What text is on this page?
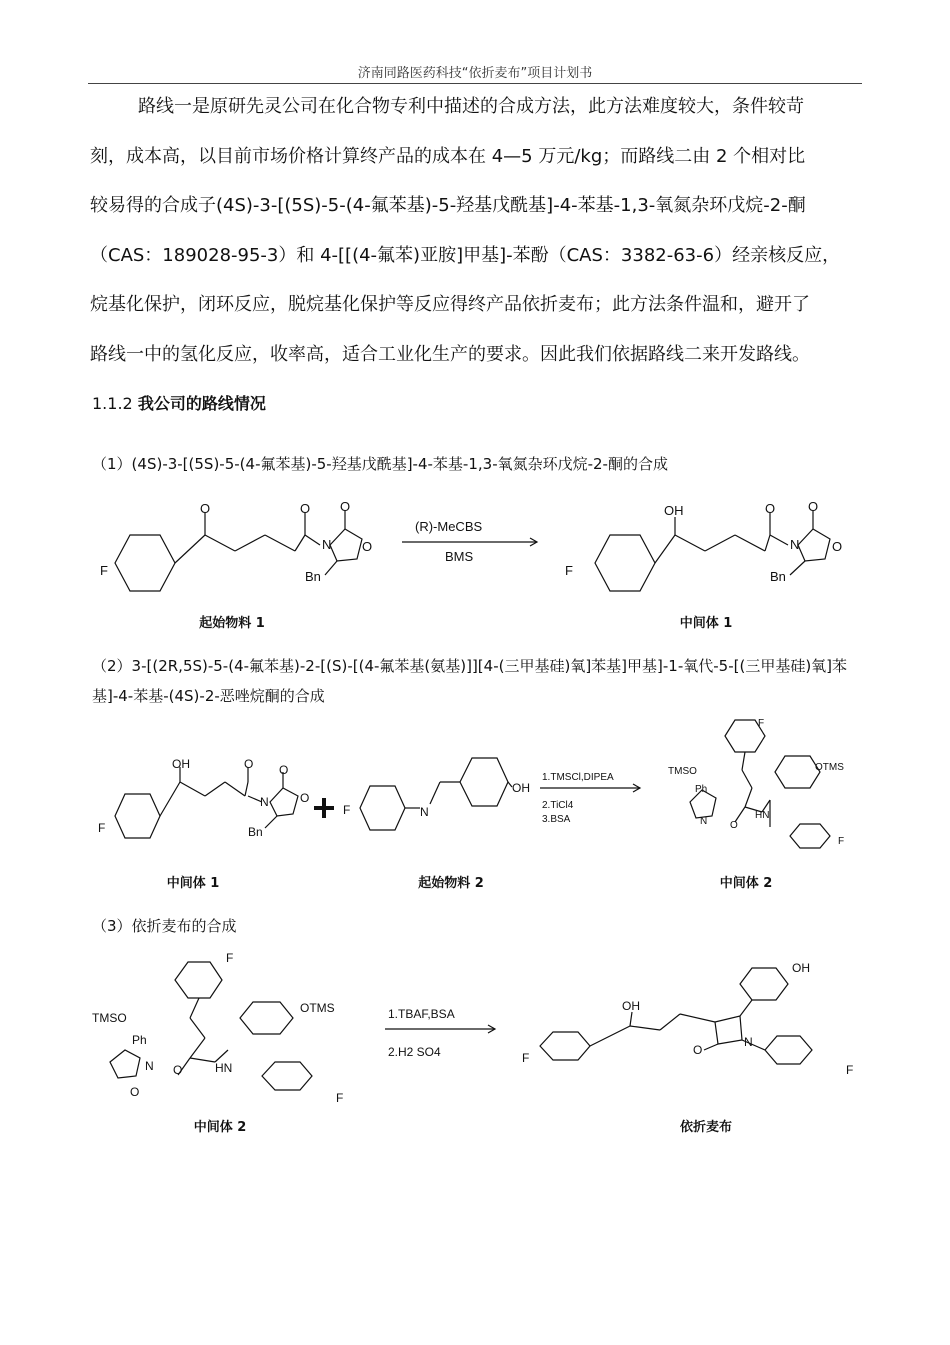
济南同路医药科技“依折麦布”项目计划书

路线一是原研先灵公司在化合物专利中描述的合成方法，此方法难度较大，条件较苛

刻，成本高，以目前市场价格计算终产品的成本在 4—5 万元/kg；而路线二由 2 个相对比

较易得的合成子(4S)-3-[(5S)-5-(4-氟苯基)-5-羟基戊酰基]-4-苯基-1,3-氧氮杂环戊烷-2-酮

（CAS：189028-95-3）和 4-[[(4-氟苯)亚胺]甲基]-苯酚（CAS：3382-63-6）经亲核反应，

烷基化保护，闭环反应，脱烷基化保护等反应得终产品依折麦布；此方法条件温和，避开了

路线一中的氢化反应，收率高，适合工业化生产的要求。因此我们依据路线二来开发路线。

1.1.2 我公司的路线情况
（1）(4S)-3-[(5S)-5-(4-氟苯基)-5-羟基戊酰基]-4-苯基-1,3-氧氮杂环戊烷-2-酮的合成
（2）3-[(2R,5S)-5-(4-氟苯基)-2-[(S)-[(4-氟苯基(氨基)]][4-(三甲基硅)氧]苯基]甲基]-1-氧代-5-[(三甲基硅)氧]苯基]-4-苯基-(4S)-2-恶唑烷酮的合成
（3）依折麦布的合成
F
O	O
N
O
O
Bn
(R)-MeCBS
BMS
F
OH	O
N
O
O
Bn
起始物料 1	中间体 1
F
OH	O
N
O
O
Bn
F	N
OH
1.TMSCl,DIPEA
2.TiCl4
3.BSA
F
TMSO	OTMS
Ph
N O
HN
F
中间体 1	起始物料 2	中间体 2
F
TMSO
OTMS
Ph
N O
O
HN
F
1.TBAF,BSA
2.H2 SO4	F
OH
O
N
OH
F
中间体 2	依折麦布
